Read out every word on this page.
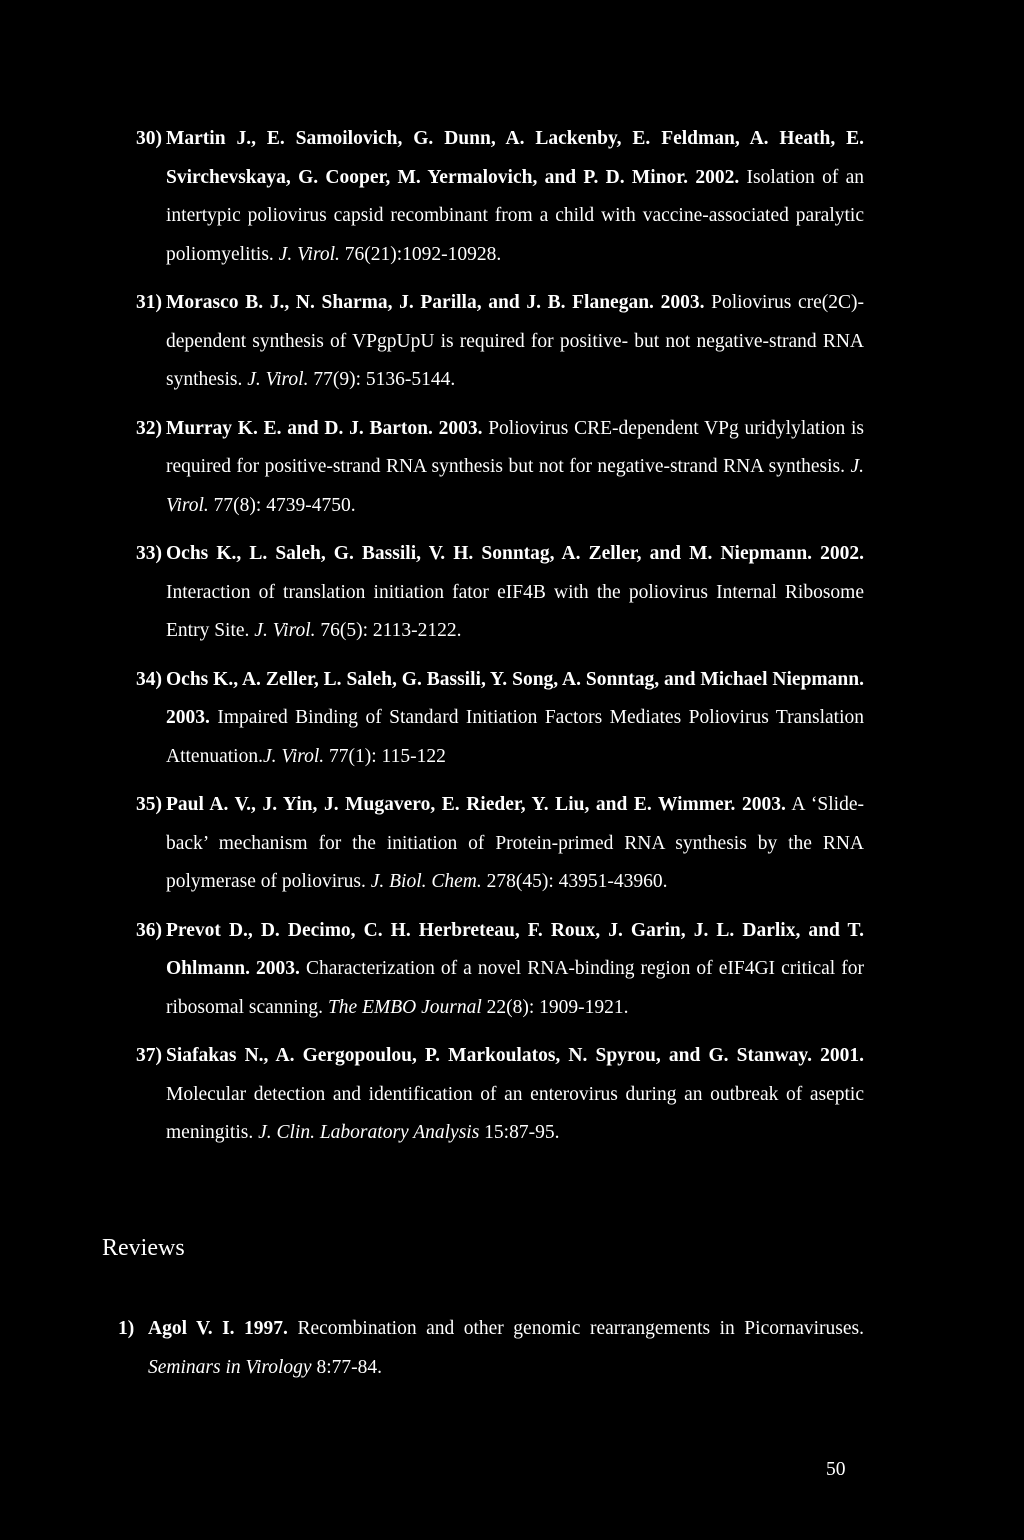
30) Martin J., E. Samoilovich, G. Dunn, A. Lackenby, E. Feldman, A. Heath, E. Svirchevskaya, G. Cooper, M. Yermalovich, and P. D. Minor. 2002. Isolation of an intertypic poliovirus capsid recombinant from a child with vaccine-associated paralytic poliomyelitis. J. Virol. 76(21):1092-10928.
31) Morasco B. J., N. Sharma, J. Parilla, and J. B. Flanegan. 2003. Poliovirus cre(2C)-dependent synthesis of VPgpUpU is required for positive- but not negative-strand RNA synthesis. J. Virol. 77(9): 5136-5144.
32) Murray K. E. and D. J. Barton. 2003. Poliovirus CRE-dependent VPg uridylylation is required for positive-strand RNA synthesis but not for negative-strand RNA synthesis. J. Virol. 77(8): 4739-4750.
33) Ochs K., L. Saleh, G. Bassili, V. H. Sonntag, A. Zeller, and M. Niepmann. 2002. Interaction of translation initiation fator eIF4B with the poliovirus Internal Ribosome Entry Site. J. Virol. 76(5): 2113-2122.
34) Ochs K., A. Zeller, L. Saleh, G. Bassili, Y. Song, A. Sonntag, and Michael Niepmann. 2003. Impaired Binding of Standard Initiation Factors Mediates Poliovirus Translation Attenuation.J. Virol. 77(1): 115-122
35) Paul A. V., J. Yin, J. Mugavero, E. Rieder, Y. Liu, and E. Wimmer. 2003. A ‘Slide-back’ mechanism for the initiation of Protein-primed RNA synthesis by the RNA polymerase of poliovirus. J. Biol. Chem. 278(45): 43951-43960.
36) Prevot D., D. Decimo, C. H. Herbreteau, F. Roux, J. Garin, J. L. Darlix, and T. Ohlmann. 2003. Characterization of a novel RNA-binding region of eIF4GI critical for ribosomal scanning. The EMBO Journal 22(8): 1909-1921.
37) Siafakas N., A. Gergopoulou, P. Markoulatos, N. Spyrou, and G. Stanway. 2001. Molecular detection and identification of an enterovirus during an outbreak of aseptic meningitis. J. Clin. Laboratory Analysis 15:87-95.
Reviews
1) Agol V. I. 1997. Recombination and other genomic rearrangements in Picornaviruses. Seminars in Virology 8:77-84.
50
